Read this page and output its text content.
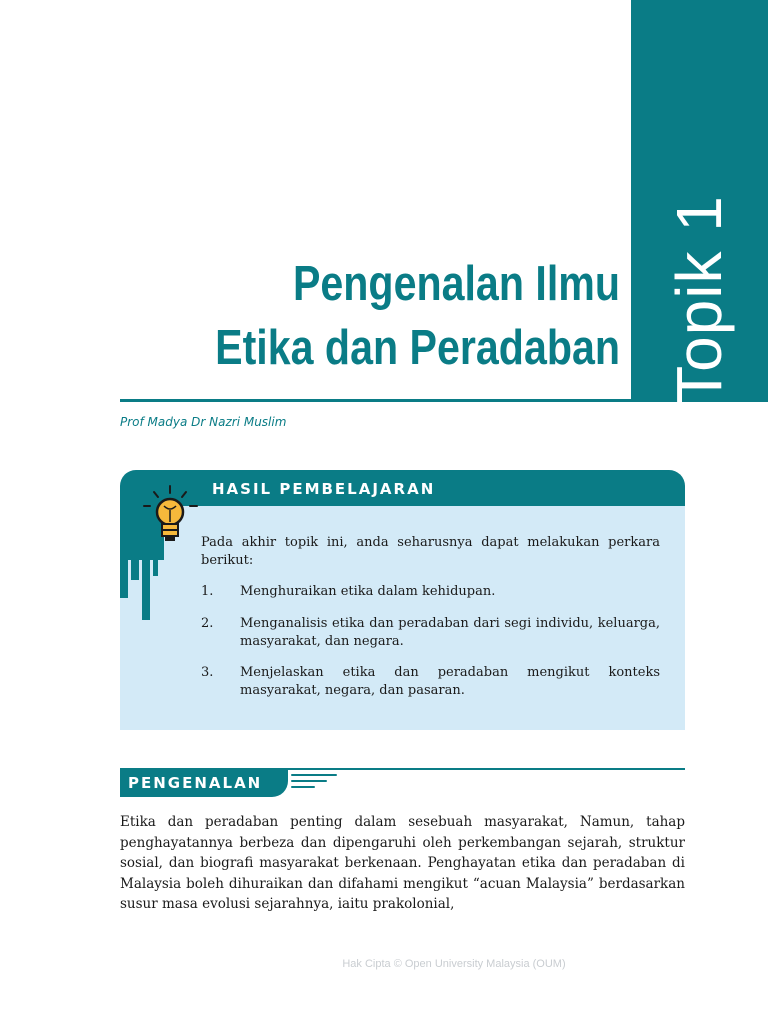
Topik 1
Pengenalan Ilmu
Etika dan Peradaban
Prof Madya Dr Nazri Muslim
HASIL PEMBELAJARAN
Pada akhir topik ini, anda seharusnya dapat melakukan perkara berikut:
1. Menghuraikan etika dalam kehidupan.
2. Menganalisis etika dan peradaban dari segi individu, keluarga, masyarakat, dan negara.
3. Menjelaskan etika dan peradaban mengikut konteks masyarakat, negara, dan pasaran.
PENGENALAN
Etika dan peradaban penting dalam sesebuah masyarakat, Namun, tahap penghayatannya berbeza dan dipengaruhi oleh perkembangan sejarah, struktur sosial, dan biografi masyarakat berkenaan. Penghayatan etika dan peradaban di Malaysia boleh dihuraikan dan difahami mengikut “acuan Malaysia” berdasarkan susur masa evolusi sejarahnya, iaitu prakolonial,
Hak Cipta © Open University Malaysia (OUM)
